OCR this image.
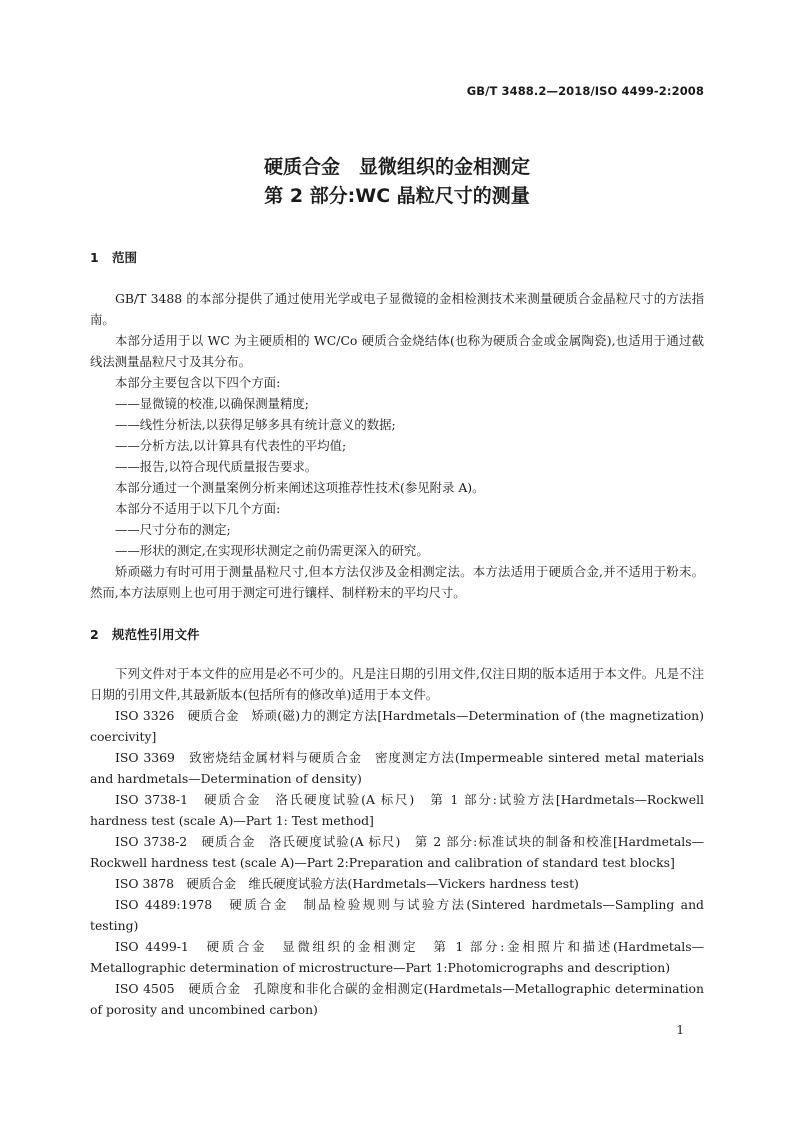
GB/T 3488.2—2018/ISO 4499-2:2008
硬质合金　显微组织的金相测定
第 2 部分:WC 晶粒尺寸的测量
1 范围

GB/T 3488 的本部分提供了通过使用光学或电子显微镜的金相检测技术来测量硬质合金晶粒尺寸的方法指南。

本部分适用于以 WC 为主硬质相的 WC/Co 硬质合金烧结体(也称为硬质合金或金属陶瓷),也适用于通过截线法测量晶粒尺寸及其分布。

本部分主要包含以下四个方面:

——显微镜的校准,以确保测量精度;

——线性分析法,以获得足够多具有统计意义的数据;

——分析方法,以计算具有代表性的平均值;

——报告,以符合现代质量报告要求。

本部分通过一个测量案例分析来阐述这项推荐性技术(参见附录 A)。

本部分不适用于以下几个方面:

——尺寸分布的测定;

——形状的测定,在实现形状测定之前仍需更深入的研究。

矫顽磁力有时可用于测量晶粒尺寸,但本方法仅涉及金相测定法。本方法适用于硬质合金,并不适用于粉末。然而,本方法原则上也可用于测定可进行镶样、制样粉末的平均尺寸。

2 规范性引用文件

下列文件对于本文件的应用是必不可少的。凡是注日期的引用文件,仅注日期的版本适用于本文件。凡是不注日期的引用文件,其最新版本(包括所有的修改单)适用于本文件。

ISO 3326　硬质合金　矫顽(磁)力的测定方法[Hardmetals—Determination of (the magnetization) coercivity]

ISO 3369　致密烧结金属材料与硬质合金　密度测定方法(Impermeable sintered metal materials and hardmetals—Determination of density)

ISO 3738-1　硬质合金　洛氏硬度试验(A 标尺)　第 1 部分:试验方法[Hardmetals—Rockwell hardness test (scale A)—Part 1: Test method]

ISO 3738-2　硬质合金　洛氏硬度试验(A 标尺)　第 2 部分:标准试块的制备和校准[Hardmetals—Rockwell hardness test (scale A)—Part 2:Preparation and calibration of standard test blocks]

ISO 3878　硬质合金　维氏硬度试验方法(Hardmetals—Vickers hardness test)

ISO 4489:1978　硬质合金　制品检验规则与试验方法(Sintered hardmetals—Sampling and testing)

ISO 4499-1　硬质合金　显微组织的金相测定　第 1 部分:金相照片和描述(Hardmetals—Metallographic determination of microstructure—Part 1:Photomicrographs and description)

ISO 4505　硬质合金　孔隙度和非化合碳的金相测定(Hardmetals—Metallographic determination of porosity and uncombined carbon)

1
